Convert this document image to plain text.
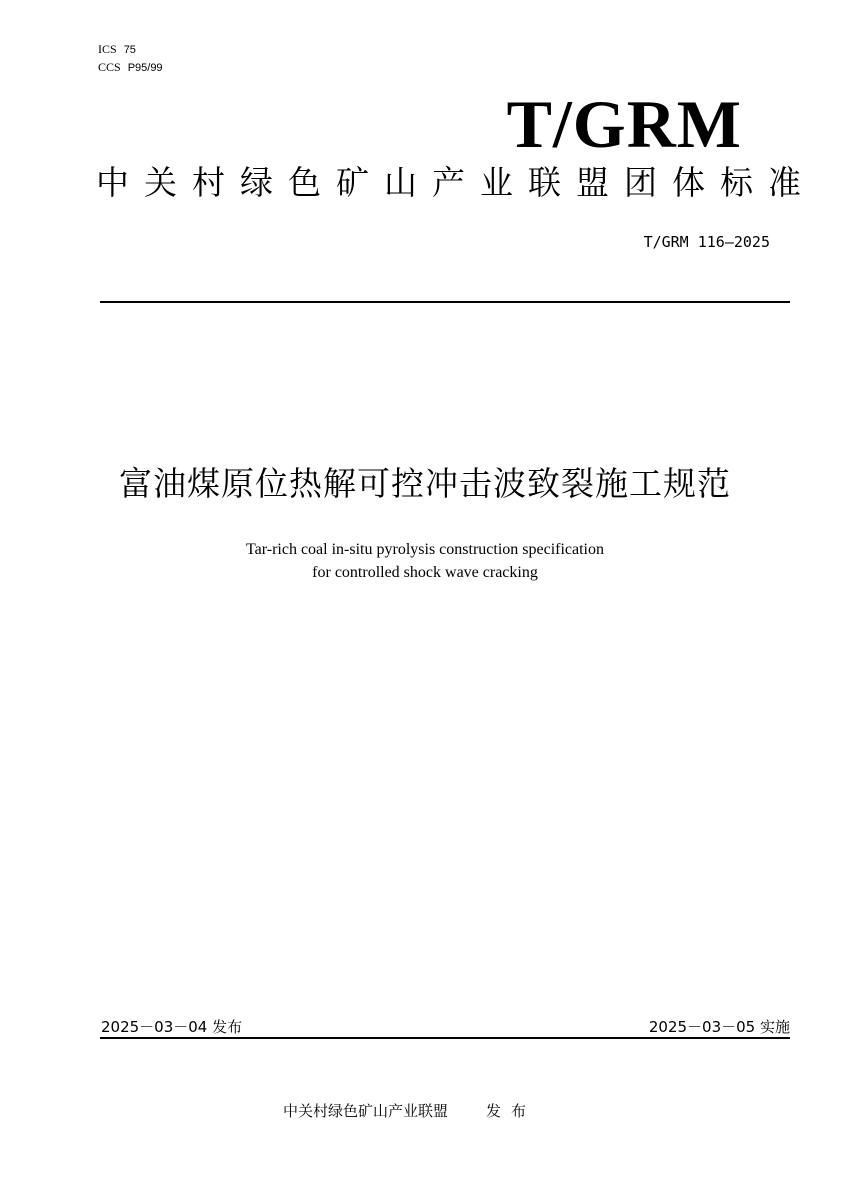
ICS 75
CCS P95/99
T/GRM
中关村绿色矿山产业联盟团体标准
T/GRM 116—2025
富油煤原位热解可控冲击波致裂施工规范
Tar-rich coal in-situ pyrolysis construction specification
for controlled shock wave cracking
2025－03－04 发布	2025－03－05 实施
中关村绿色矿山产业联盟	发布
